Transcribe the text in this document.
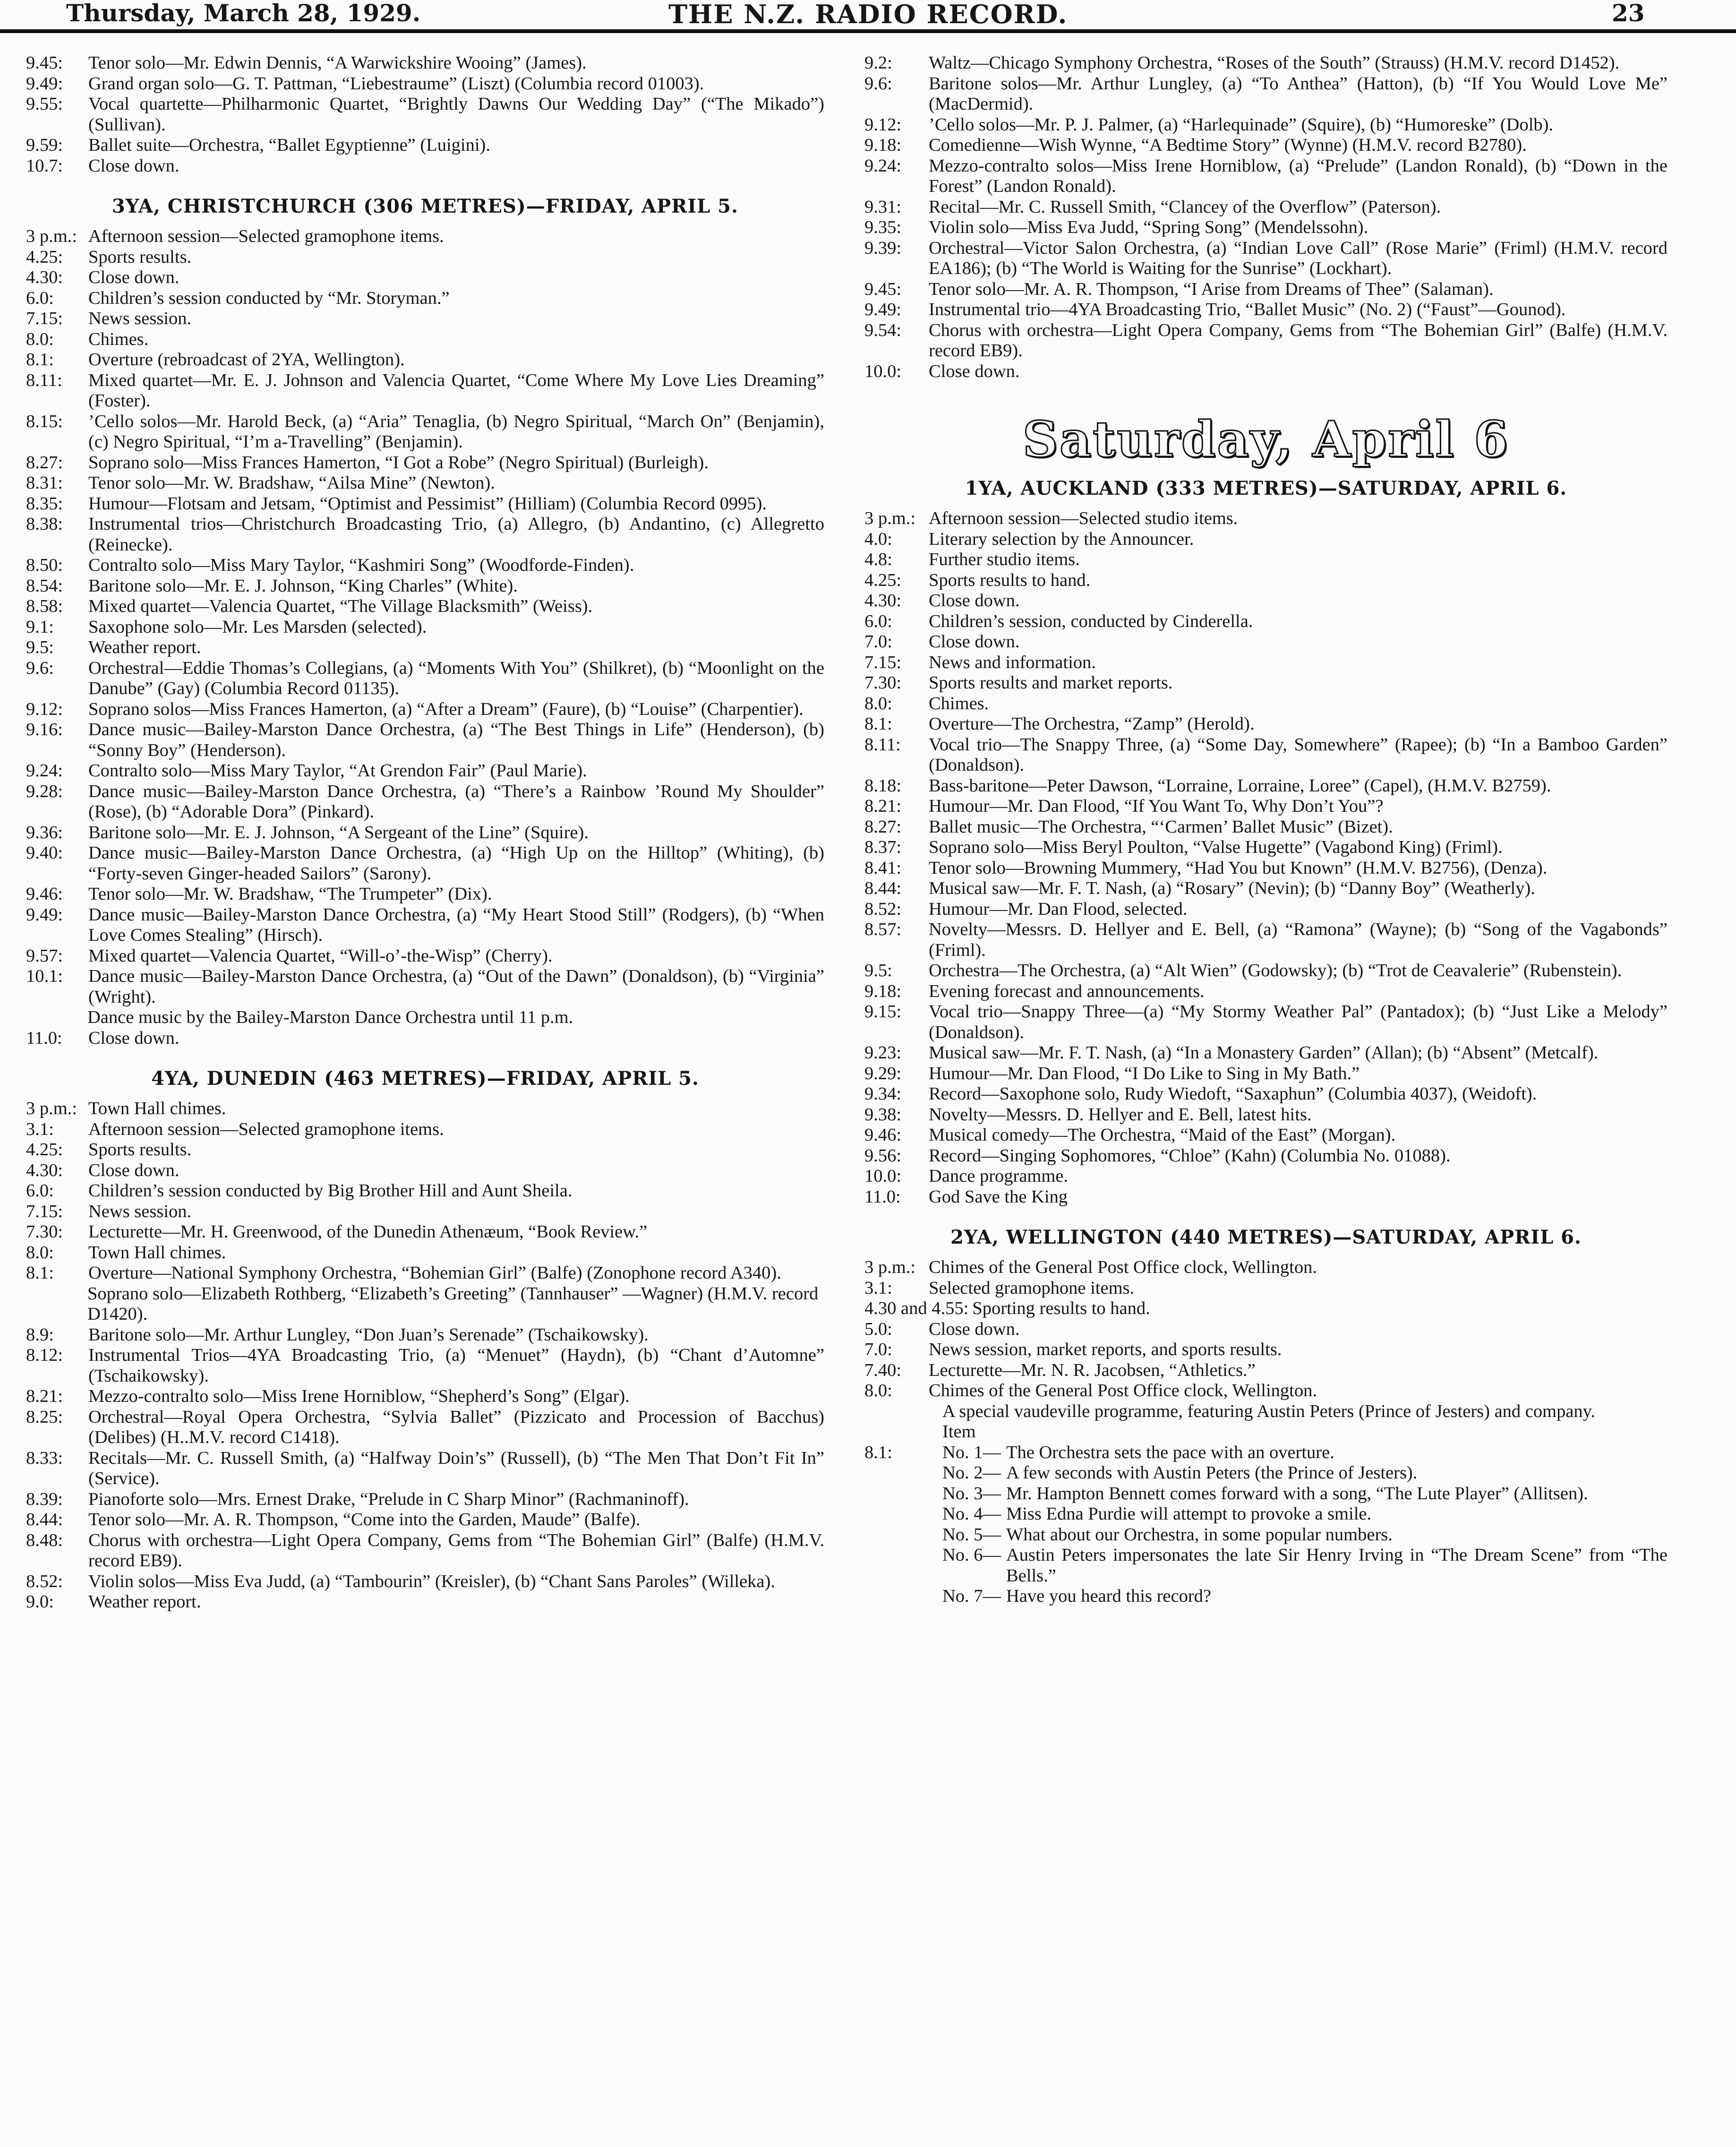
Thursday, March 28, 1929.	THE N.Z. RADIO RECORD.	23
9.45:	Tenor solo—Mr. Edwin Dennis, “A Warwickshire Wooing” (James).
9.49:	Grand organ solo—G. T. Pattman, “Liebestraume” (Liszt) (Columbia record 01003).
9.55:	Vocal quartette—Philharmonic Quartet, “Brightly Dawns Our Wedding Day” (“The Mikado”) (Sullivan).
9.59:	Ballet suite—Orchestra, “Ballet Egyptienne” (Luigini).
10.7:	Close down.
3YA, CHRISTCHURCH (306 METRES)—FRIDAY, APRIL 5.
3 p.m.: Afternoon session—Selected gramophone items.
4.25:	Sports results.
4.30:	Close down.
6.0:	Children’s session conducted by “Mr. Storyman.”
7.15:	News session.
8.0:	Chimes.
8.1:	Overture (rebroadcast of 2YA, Wellington).
8.11:	Mixed quartet—Mr. E. J. Johnson and Valencia Quartet, “Come Where My Love Lies Dreaming” (Foster).
8.15:	’Cello solos—Mr. Harold Beck, (a) “Aria” Tenaglia, (b) Negro Spiritual, “March On” (Benjamin), (c) Negro Spiritual, “I’m a-Travelling” (Benjamin).
8.27:	Soprano solo—Miss Frances Hamerton, “I Got a Robe” (Negro Spiritual) (Burleigh).
8.31:	Tenor solo—Mr. W. Bradshaw, “Ailsa Mine” (Newton).
8.35:	Humour—Flotsam and Jetsam, “Optimist and Pessimist” (Hilliam) (Columbia Record 0995).
8.38:	Instrumental trios—Christchurch Broadcasting Trio, (a) Allegro, (b) Andantino, (c) Allegretto (Reinecke).
8.50:	Contralto solo—Miss Mary Taylor, “Kashmiri Song” (Woodforde-Finden).
8.54:	Baritone solo—Mr. E. J. Johnson, “King Charles” (White).
8.58:	Mixed quartet—Valencia Quartet, “The Village Blacksmith” (Weiss).
9.1:	Saxophone solo—Mr. Les Marsden (selected).
9.5:	Weather report.
9.6:	Orchestral—Eddie Thomas’s Collegians, (a) “Moments With You” (Shilkret), (b) “Moonlight on the Danube” (Gay) (Columbia Record 01135).
9.12:	Soprano solos—Miss Frances Hamerton, (a) “After a Dream” (Faure), (b) “Louise” (Charpentier).
9.16:	Dance music—Bailey-Marston Dance Orchestra, (a) “The Best Things in Life” (Henderson), (b) “Sonny Boy” (Henderson).
9.24:	Contralto solo—Miss Mary Taylor, “At Grendon Fair” (Paul Marie).
9.28:	Dance music—Bailey-Marston Dance Orchestra, (a) “There’s a Rainbow ’Round My Shoulder” (Rose), (b) “Adorable Dora” (Pinkard).
9.36:	Baritone solo—Mr. E. J. Johnson, “A Sergeant of the Line” (Squire).
9.40:	Dance music—Bailey-Marston Dance Orchestra, (a) “High Up on the Hilltop” (Whiting), (b) “Forty-seven Ginger-headed Sailors” (Sarony).
9.46:	Tenor solo—Mr. W. Bradshaw, “The Trumpeter” (Dix).
9.49:	Dance music—Bailey-Marston Dance Orchestra, (a) “My Heart Stood Still” (Rodgers), (b) “When Love Comes Stealing” (Hirsch).
9.57:	Mixed quartet—Valencia Quartet, “Will-o’-the-Wisp” (Cherry).
10.1:	Dance music—Bailey-Marston Dance Orchestra, (a) “Out of the Dawn” (Donaldson), (b) “Virginia” (Wright).
Dance music by the Bailey-Marston Dance Orchestra until 11 p.m.
11.0:	Close down.
4YA, DUNEDIN (463 METRES)—FRIDAY, APRIL 5.
3 p.m.: Town Hall chimes.
3.1:	Afternoon session—Selected gramophone items.
4.25:	Sports results.
4.30:	Close down.
6.0:	Children’s session conducted by Big Brother Hill and Aunt Sheila.
7.15:	News session.
7.30:	Lecturette—Mr. H. Greenwood, of the Dunedin Athenæum, “Book Review.”
8.0:	Town Hall chimes.
8.1:	Overture—National Symphony Orchestra, “Bohemian Girl” (Balfe) (Zonophone record A340).
Soprano solo—Elizabeth Rothberg, “Elizabeth’s Greeting” (Tannhauser” —Wagner) (H.M.V. record D1420).
8.9:	Baritone solo—Mr. Arthur Lungley, “Don Juan’s Serenade” (Tschaikowsky).
8.12:	Instrumental Trios—4YA Broadcasting Trio, (a) “Menuet” (Haydn), (b) “Chant d’Automne” (Tschaikowsky).
8.21:	Mezzo-contralto solo—Miss Irene Horniblow, “Shepherd’s Song” (Elgar).
8.25:	Orchestral—Royal Opera Orchestra, “Sylvia Ballet” (Pizzicato and Procession of Bacchus) (Delibes) (H..M.V. record C1418).
8.33:	Recitals—Mr. C. Russell Smith, (a) “Halfway Doin’s” (Russell), (b) “The Men That Don’t Fit In” (Service).
8.39:	Pianoforte solo—Mrs. Ernest Drake, “Prelude in C Sharp Minor” (Rachmaninoff).
8.44:	Tenor solo—Mr. A. R. Thompson, “Come into the Garden, Maude” (Balfe).
8.48:	Chorus with orchestra—Light Opera Company, Gems from “The Bohemian Girl” (Balfe) (H.M.V. record EB9).
8.52:	Violin solos—Miss Eva Judd, (a) “Tambourin” (Kreisler), (b) “Chant Sans Paroles” (Willeka).
9.0:	Weather report.
9.2:	Waltz—Chicago Symphony Orchestra, “Roses of the South” (Strauss) (H.M.V. record D1452).
9.6:	Baritone solos—Mr. Arthur Lungley, (a) “To Anthea” (Hatton), (b) “If You Would Love Me” (MacDermid).
9.12:	’Cello solos—Mr. P. J. Palmer, (a) “Harlequinade” (Squire), (b) “Humoreske” (Dolb).
9.18:	Comedienne—Wish Wynne, “A Bedtime Story” (Wynne) (H.M.V. record B2780).
9.24:	Mezzo-contralto solos—Miss Irene Horniblow, (a) “Prelude” (Landon Ronald), (b) “Down in the Forest” (Landon Ronald).
9.31:	Recital—Mr. C. Russell Smith, “Clancey of the Overflow” (Paterson).
9.35:	Violin solo—Miss Eva Judd, “Spring Song” (Mendelssohn).
9.39:	Orchestral—Victor Salon Orchestra, (a) “Indian Love Call” (Rose Marie” (Friml) (H.M.V. record EA186); (b) “The World is Waiting for the Sunrise” (Lockhart).
9.45:	Tenor solo—Mr. A. R. Thompson, “I Arise from Dreams of Thee” (Salaman).
9.49:	Instrumental trio—4YA Broadcasting Trio, “Ballet Music” (No. 2) (“Faust”—Gounod).
9.54:	Chorus with orchestra—Light Opera Company, Gems from “The Bohemian Girl” (Balfe) (H.M.V. record EB9).
10.0:	Close down.
Saturday, April 6
1YA, AUCKLAND (333 METRES)—SATURDAY, APRIL 6.
3 p.m.: Afternoon session—Selected studio items.
4.0:	Literary selection by the Announcer.
4.8:	Further studio items.
4.25:	Sports results to hand.
4.30:	Close down.
6.0:	Children’s session, conducted by Cinderella.
7.0:	Close down.
7.15:	News and information.
7.30:	Sports results and market reports.
8.0:	Chimes.
8.1:	Overture—The Orchestra, “Zamp” (Herold).
8.11:	Vocal trio—The Snappy Three, (a) “Some Day, Somewhere” (Rapee); (b) “In a Bamboo Garden” (Donaldson).
8.18:	Bass-baritone—Peter Dawson, “Lorraine, Lorraine, Loree” (Capel), (H.M.V. B2759).
8.21:	Humour—Mr. Dan Flood, “If You Want To, Why Don’t You”?
8.27:	Ballet music—The Orchestra, “‘Carmen’ Ballet Music” (Bizet).
8.37:	Soprano solo—Miss Beryl Poulton, “Valse Hugette” (Vagabond King) (Friml).
8.41:	Tenor solo—Browning Mummery, “Had You but Known” (H.M.V. B2756), (Denza).
8.44:	Musical saw—Mr. F. T. Nash, (a) “Rosary” (Nevin); (b) “Danny Boy” (Weatherly).
8.52:	Humour—Mr. Dan Flood, selected.
8.57:	Novelty—Messrs. D. Hellyer and E. Bell, (a) “Ramona” (Wayne); (b) “Song of the Vagabonds” (Friml).
9.5:	Orchestra—The Orchestra, (a) “Alt Wien” (Godowsky); (b) “Trot de Ceavalerie” (Rubenstein).
9.18:	Evening forecast and announcements.
9.15:	Vocal trio—Snappy Three—(a) “My Stormy Weather Pal” (Pantadox); (b) “Just Like a Melody” (Donaldson).
9.23:	Musical saw—Mr. F. T. Nash, (a) “In a Monastery Garden” (Allan); (b) “Absent” (Metcalf).
9.29:	Humour—Mr. Dan Flood, “I Do Like to Sing in My Bath.”
9.34:	Record—Saxophone solo, Rudy Wiedoft, “Saxaphun” (Columbia 4037), (Weidoft).
9.38:	Novelty—Messrs. D. Hellyer and E. Bell, latest hits.
9.46:	Musical comedy—The Orchestra, “Maid of the East” (Morgan).
9.56:	Record—Singing Sophomores, “Chloe” (Kahn) (Columbia No. 01088).
10.0:	Dance programme.
11.0:	God Save the King
2YA, WELLINGTON (440 METRES)—SATURDAY, APRIL 6.
3 p.m.: Chimes of the General Post Office clock, Wellington.
3.1:	Selected gramophone items.
4.30 and 4.55: Sporting results to hand.
5.0:	Close down.
7.0:	News session, market reports, and sports results.
7.40:	Lecturette—Mr. N. R. Jacobsen, “Athletics.”
8.0:	Chimes of the General Post Office clock, Wellington.
A special vaudeville programme, featuring Austin Peters (Prince of Jesters) and company.
Item
8.1:	No. 1— The Orchestra sets the pace with an overture.
No. 2— A few seconds with Austin Peters (the Prince of Jesters).
No. 3— Mr. Hampton Bennett comes forward with a song, “The Lute Player” (Allitsen).
No. 4— Miss Edna Purdie will attempt to provoke a smile.
No. 5— What about our Orchestra, in some popular numbers.
No. 6— Austin Peters impersonates the late Sir Henry Irving in “The Dream Scene” from “The Bells.”
No. 7— Have you heard this record?
